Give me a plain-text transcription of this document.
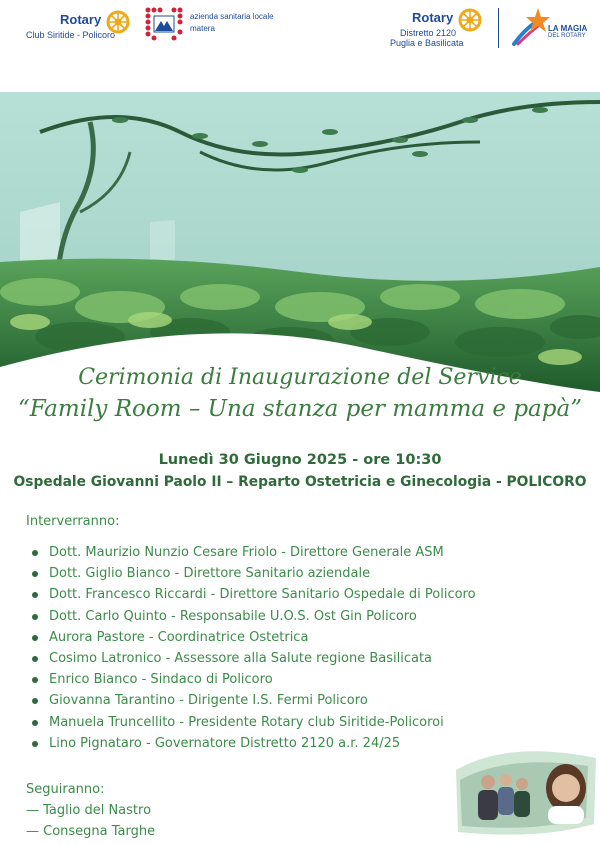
Rotary
Club Siritide - Policoro
azienda sanitaria locale
matera
Rotary
Distretto 2120
Puglia e Basilicata
LA MAGIA
DEL ROTARY
Cerimonia di Inaugurazione del Service
“Family Room – Una stanza per mamma e papà”
Lunedì 30 Giugno 2025 - ore 10:30
Ospedale Giovanni Paolo II – Reparto Ostetricia e Ginecologia - POLICORO
Interverranno:
Dott. Maurizio Nunzio Cesare Friolo - Direttore Generale ASM
Dott. Giglio Bianco - Direttore Sanitario aziendale
Dott. Francesco Riccardi - Direttore Sanitario Ospedale di Policoro
Dott. Carlo Quinto - Responsabile U.O.S. Ost Gin Policoro
Aurora Pastore - Coordinatrice Ostetrica
Cosimo Latronico - Assessore alla Salute regione Basilicata
Enrico Bianco - Sindaco di Policoro
Giovanna Tarantino - Dirigente I.S. Fermi Policoro
Manuela Truncellito - Presidente Rotary club Siritide-Policoroi
Lino Pignataro - Governatore Distretto 2120 a.r. 24/25
Seguiranno:
— Taglio del Nastro
— Consegna Targhe
